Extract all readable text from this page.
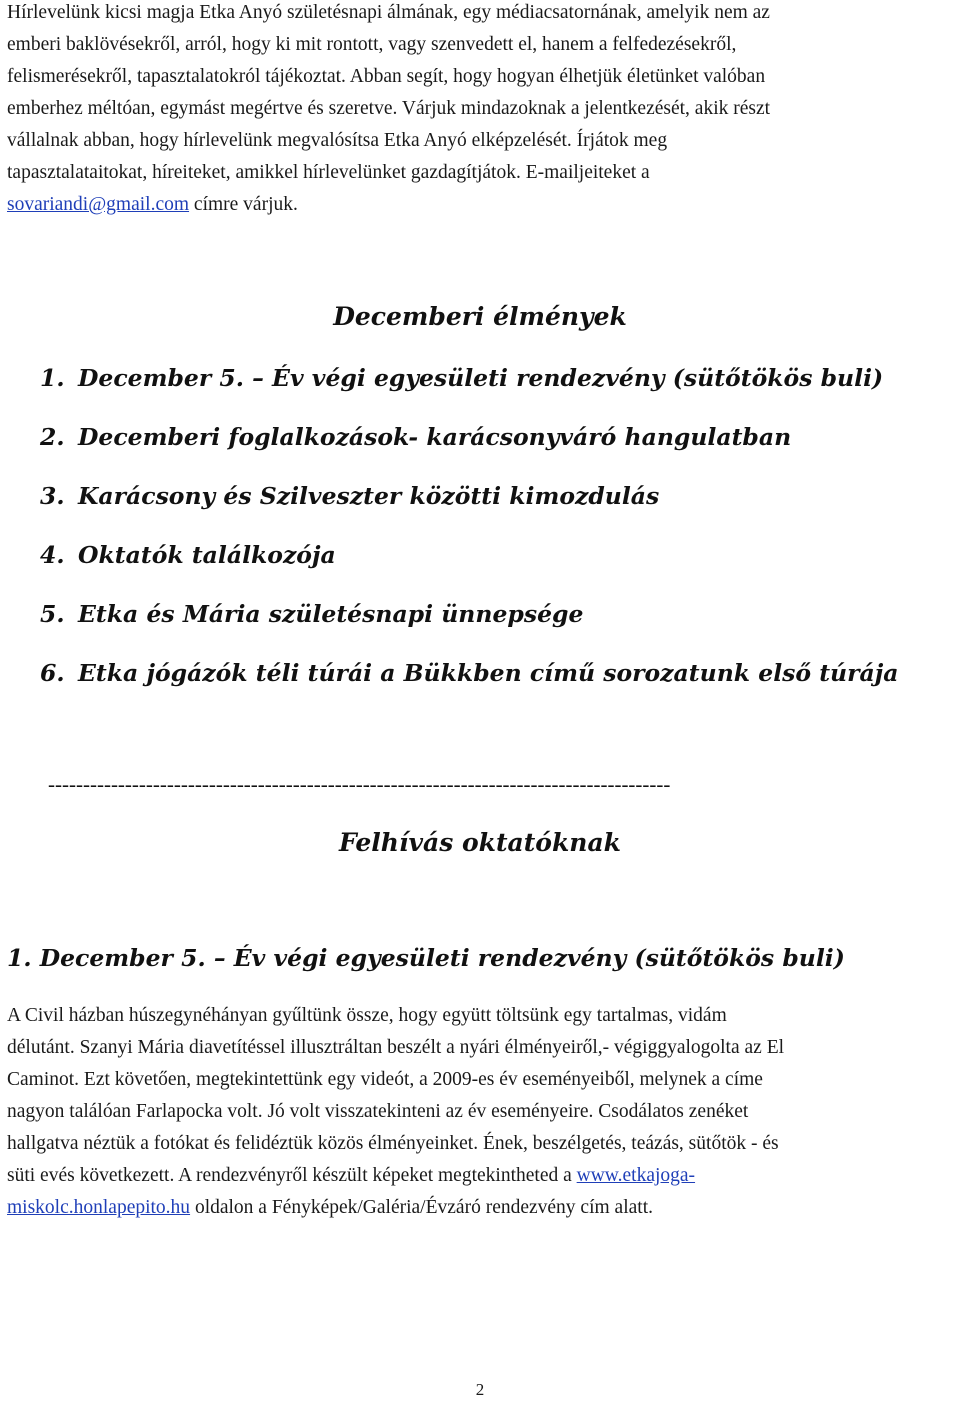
Hírlevelünk kicsi magja Etka Anyó születésnapi álmának, egy médiacsatornának, amelyik nem az
emberi baklövésekről, arról, hogy ki mit rontott, vagy szenvedett el, hanem a felfedezésekről,
felismerésekről, tapasztalatokról tájékoztat. Abban segít, hogy hogyan élhetjük életünket valóban
emberhez méltóan, egymást megértve és szeretve. Várjuk mindazoknak a jelentkezését, akik részt
vállalnak abban, hogy hírlevelünk megvalósítsa Etka Anyó elképzelését. Írjátok meg
tapasztalataitokat, híreiteket, amikkel hírlevelünket gazdagítjátok. E-mailjeiteket a
sovariandi@gmail.com címre várjuk.
Decemberi élmények
1. December 5. – Év végi egyesületi rendezvény (sütőtökös buli)
2. Decemberi foglalkozások- karácsonyváró hangulatban
3. Karácsony és Szilveszter közötti kimozdulás
4. Oktatók találkozója
5. Etka és Mária születésnapi ünnepsége
6. Etka jógázók téli túrái a Bükkben című sorozatunk első túrája
-----------------------------------------------------------------------------------------
Felhívás oktatóknak
1. December 5. – Év végi egyesületi rendezvény (sütőtökös buli)
A Civil házban húszegynéhányan gyűltünk össze, hogy együtt töltsünk egy tartalmas, vidám
délutánt. Szanyi Mária diavetítéssel illusztráltan beszélt a nyári élményeiről,- végiggyalogolta az El
Caminot. Ezt követően, megtekintettünk egy videót, a 2009-es év eseményeiből, melynek a címe
nagyon találóan Farlapocka volt. Jó volt visszatekinteni az év eseményeire. Csodálatos zenéket
hallgatva néztük a fotókat és felidéztük közös élményeinket. Ének, beszélgetés, teázás, sütőtök - és
süti evés következett. A rendezvényről készült képeket megtekintheted a www.etkajoga-
miskolc.honlapepito.hu oldalon a Fényképek/Galéria/Évzáró rendezvény cím alatt.
2
